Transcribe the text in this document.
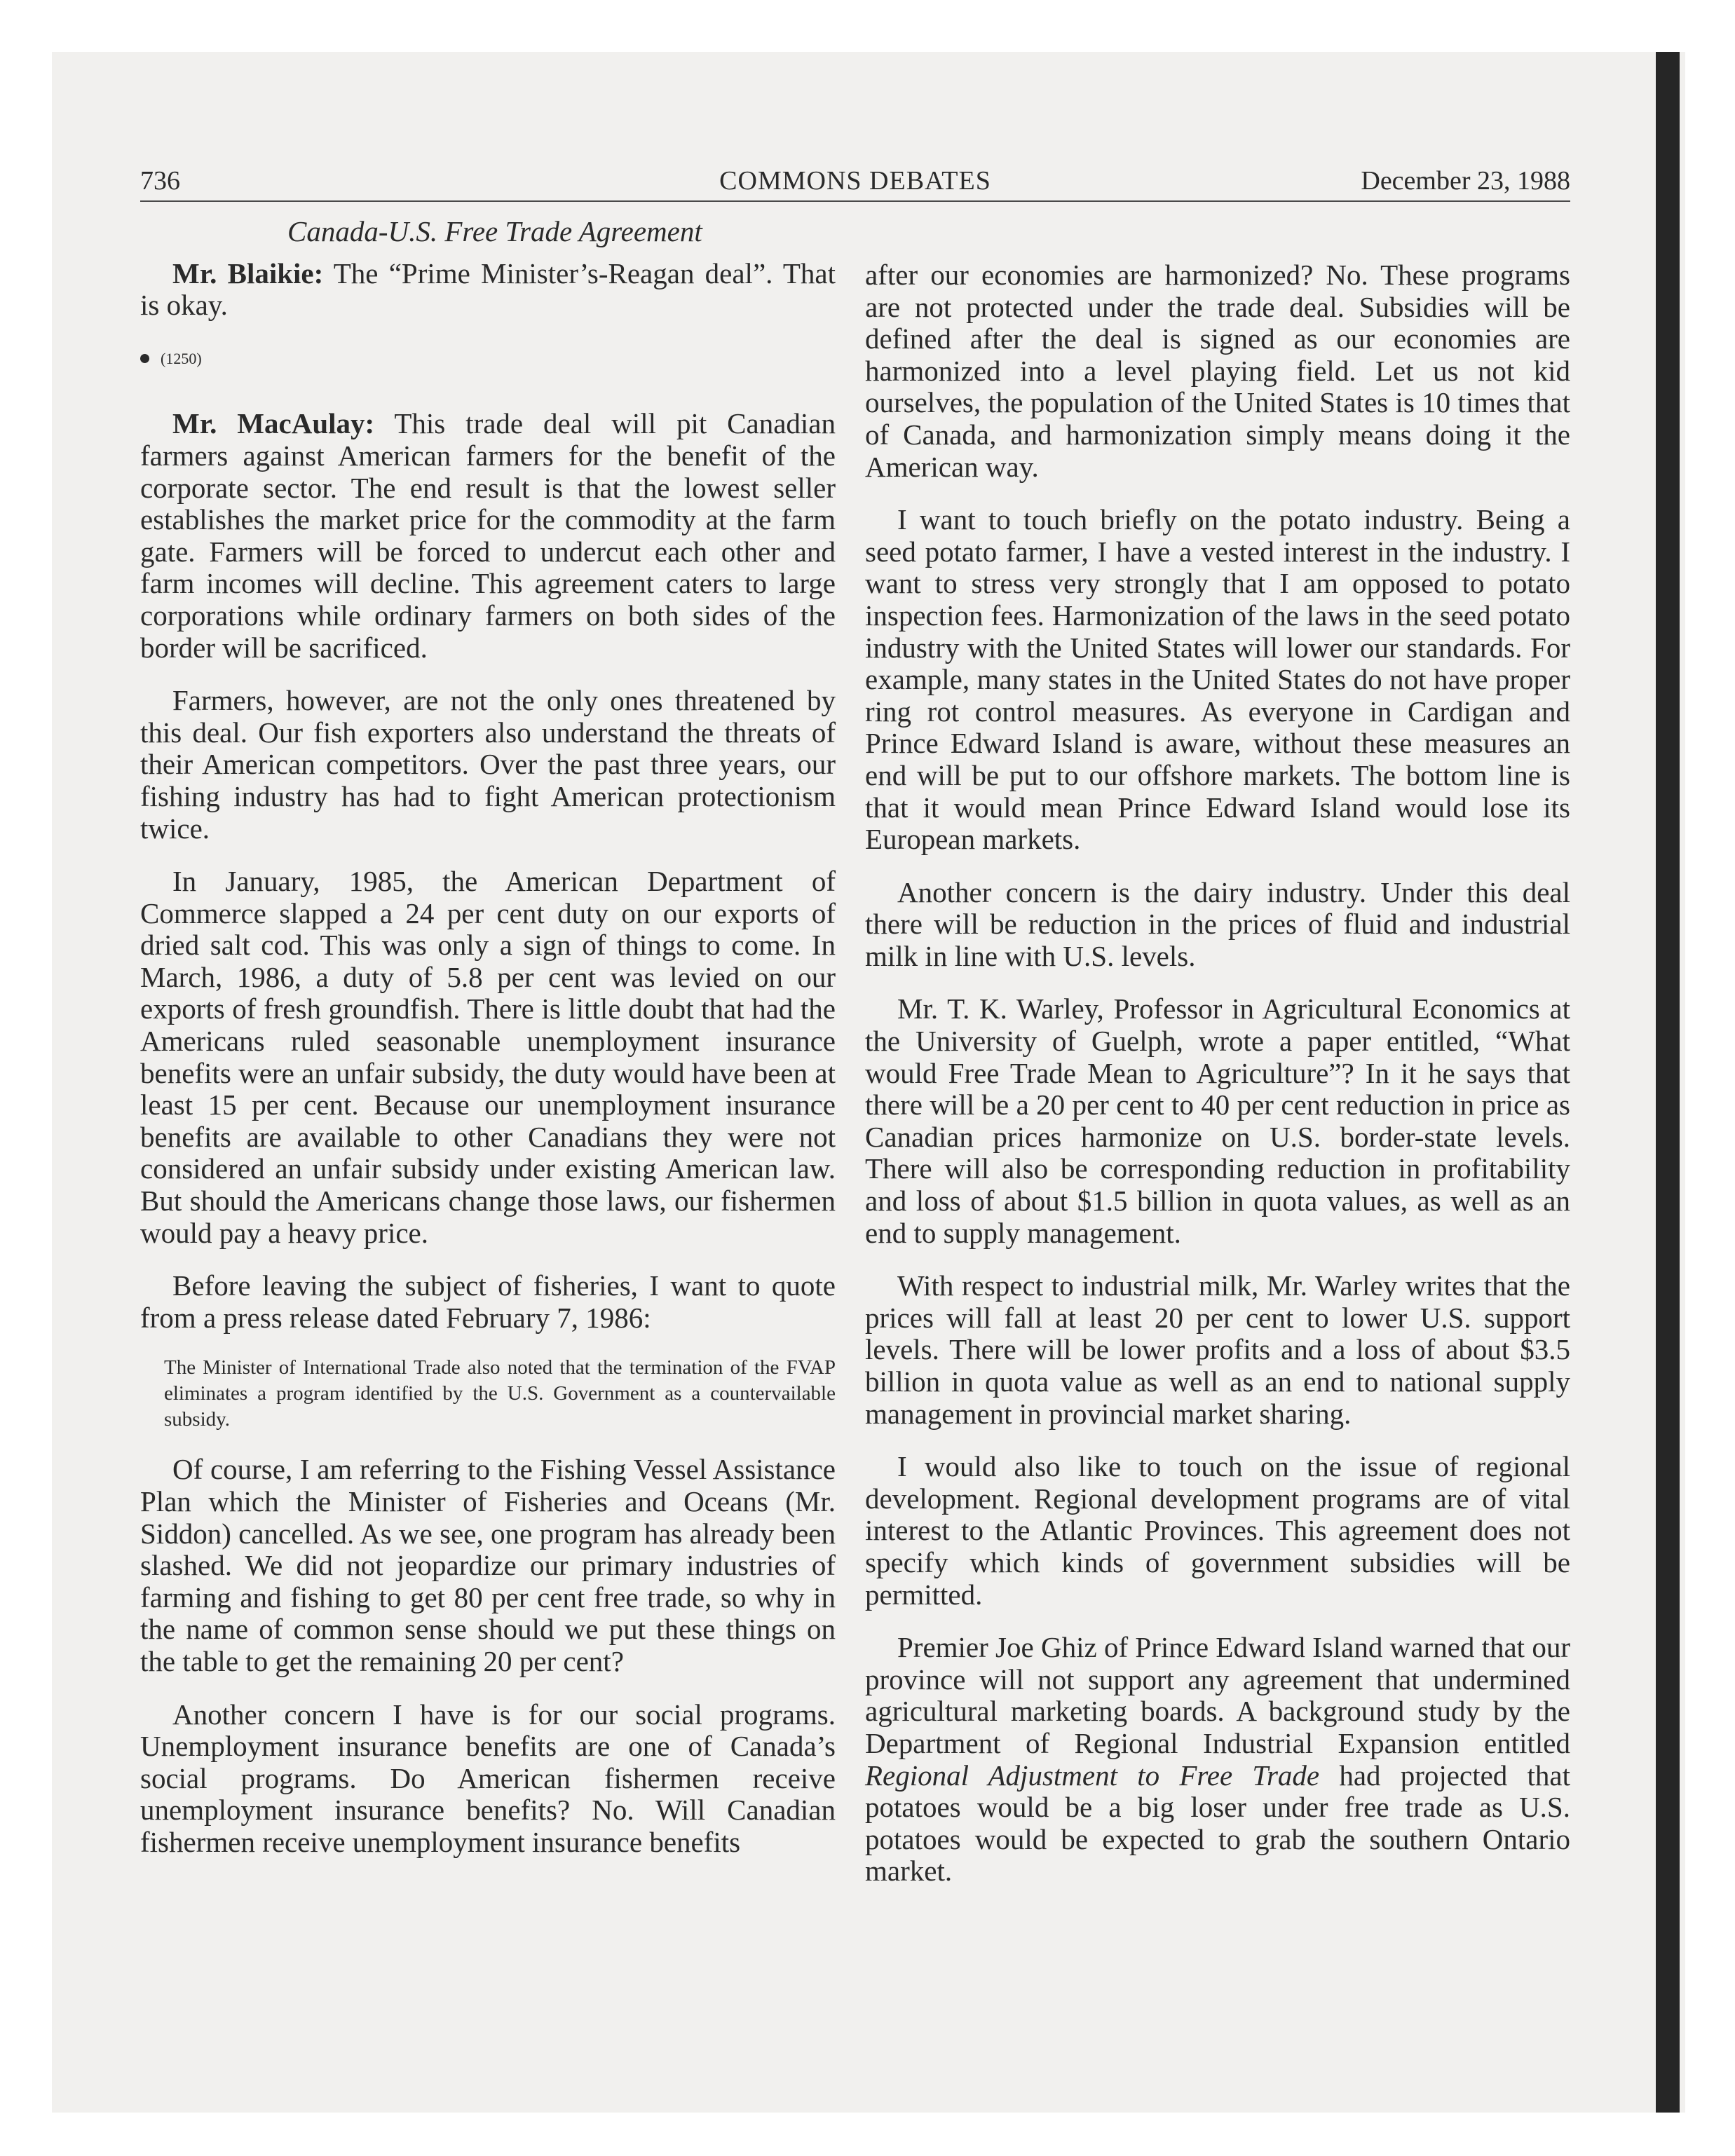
736	COMMONS DEBATES	December 23, 1988
Canada-U.S. Free Trade Agreement

Mr. Blaikie: The “Prime Minister’s-Reagan deal”. That is okay.

(1250)

Mr. MacAulay: This trade deal will pit Canadian farmers against American farmers for the benefit of the corporate sector. The end result is that the lowest seller establishes the market price for the commodity at the farm gate. Farmers will be forced to undercut each other and farm incomes will decline. This agreement caters to large corporations while ordinary farmers on both sides of the border will be sacrificed.

Farmers, however, are not the only ones threatened by this deal. Our fish exporters also understand the threats of their American competitors. Over the past three years, our fishing industry has had to fight American protectionism twice.

In January, 1985, the American Department of Commerce slapped a 24 per cent duty on our exports of dried salt cod. This was only a sign of things to come. In March, 1986, a duty of 5.8 per cent was levied on our exports of fresh groundfish. There is little doubt that had the Americans ruled seasonable unemployment insurance benefits were an unfair subsidy, the duty would have been at least 15 per cent. Because our unemployment insurance benefits are available to other Canadians they were not considered an unfair subsidy under existing American law. But should the Americans change those laws, our fishermen would pay a heavy price.

Before leaving the subject of fisheries, I want to quote from a press release dated February 7, 1986:

The Minister of International Trade also noted that the termination of the FVAP eliminates a program identified by the U.S. Government as a countervailable subsidy.

Of course, I am referring to the Fishing Vessel Assistance Plan which the Minister of Fisheries and Oceans (Mr. Siddon) cancelled. As we see, one program has already been slashed. We did not jeopardize our primary industries of farming and fishing to get 80 per cent free trade, so why in the name of common sense should we put these things on the table to get the remaining 20 per cent?

Another concern I have is for our social programs. Unemployment insurance benefits are one of Canada’s social programs. Do American fishermen receive unemployment insurance benefits? No. Will Canadian fishermen receive unemployment insurance benefits

after our economies are harmonized? No. These programs are not protected under the trade deal. Subsidies will be defined after the deal is signed as our economies are harmonized into a level playing field. Let us not kid ourselves, the population of the United States is 10 times that of Canada, and harmonization simply means doing it the American way.

I want to touch briefly on the potato industry. Being a seed potato farmer, I have a vested interest in the industry. I want to stress very strongly that I am opposed to potato inspection fees. Harmonization of the laws in the seed potato industry with the United States will lower our standards. For example, many states in the United States do not have proper ring rot control measures. As everyone in Cardigan and Prince Edward Island is aware, without these measures an end will be put to our offshore markets. The bottom line is that it would mean Prince Edward Island would lose its European markets.

Another concern is the dairy industry. Under this deal there will be reduction in the prices of fluid and industrial milk in line with U.S. levels.

Mr. T. K. Warley, Professor in Agricultural Economics at the University of Guelph, wrote a paper entitled, “What would Free Trade Mean to Agriculture”? In it he says that there will be a 20 per cent to 40 per cent reduction in price as Canadian prices harmonize on U.S. border-state levels. There will also be corresponding reduction in profitability and loss of about $1.5 billion in quota values, as well as an end to supply management.

With respect to industrial milk, Mr. Warley writes that the prices will fall at least 20 per cent to lower U.S. support levels. There will be lower profits and a loss of about $3.5 billion in quota value as well as an end to national supply management in provincial market sharing.

I would also like to touch on the issue of regional development. Regional development programs are of vital interest to the Atlantic Provinces. This agreement does not specify which kinds of government subsidies will be permitted.

Premier Joe Ghiz of Prince Edward Island warned that our province will not support any agreement that undermined agricultural marketing boards. A background study by the Department of Regional Industrial Expansion entitled Regional Adjustment to Free Trade had projected that potatoes would be a big loser under free trade as U.S. potatoes would be expected to grab the southern Ontario market.
